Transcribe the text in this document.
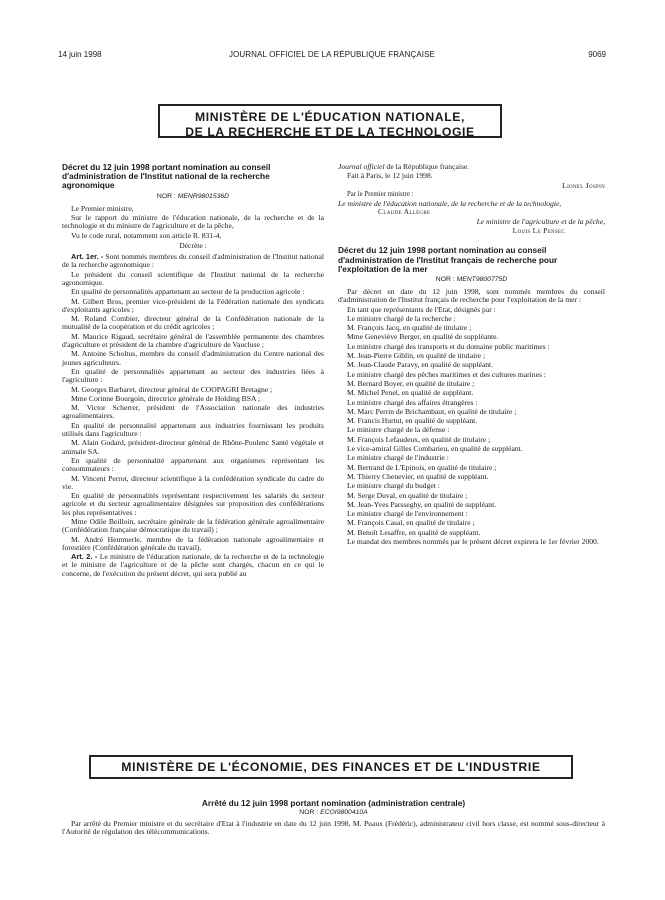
14 juin 1998	JOURNAL OFFICIEL DE LA RÉPUBLIQUE FRANÇAISE	9069
MINISTÈRE DE L'ÉDUCATION NATIONALE,
DE LA RECHERCHE ET DE LA TECHNOLOGIE
Décret du 12 juin 1998 portant nomination au conseil d'administration de l'Institut national de la recherche agronomique
NOR : MENR9801536D
Le Premier ministre,
Sur le rapport du ministre de l'éducation nationale, de la recherche et de la technologie et du ministre de l'agriculture et de la pêche,
Vu le code rural, notamment son article R. 831-4,
Décrète :
Art. 1er. - Sont nommés membres du conseil d'administration de l'Institut national de la recherche agronomique :
Le président du conseil scientifique de l'Institut national de la recherche agronomique.
En qualité de personnalités appartenant au secteur de la production agricole :
M. Gilbert Bros, premier vice-président de la Fédération nationale des syndicats d'exploitants agricoles ;
M. Roland Combier, directeur général de la Confédération nationale de la mutualité de la coopération et du crédit agricoles ;
M. Maurice Rigaud, secrétaire général de l'assemblée permanente des chambres d'agriculture et président de la chambre d'agriculture de Vaucluse ;
M. Antoine Scholtus, membre du conseil d'administration du Centre national des jeunes agriculteurs.
En qualité de personnalités appartenant au secteur des industries liées à l'agriculture :
M. Georges Barbaret, directeur général de COOPAGRI Bretagne ;
Mme Corinne Bourgoin, directrice générale de Holding BSA ;
M. Victor Scherrer, président de l'Association nationale des industries agroalimentaires.
En qualité de personnalité appartenant aux industries fournissant les produits utilisés dans l'agriculture :
M. Alain Godard, président-directeur général de Rhône-Poulenc Santé végétale et animale SA.
En qualité de personnalité appartenant aux organismes représentant les consommateurs :
M. Vincent Perrot, directeur scientifique à la confédération syndicale du cadre de vie.
En qualité de personnalités représentant respectivement les salariés du secteur agricole et du secteur agroalimentaire désignées sur proposition des confédérations les plus représentatives :
Mme Odile Beilloin, secrétaire générale de la fédération générale agroalimentaire (Confédération française démocratique du travail) ;
M. André Hemmerle, membre de la fédération nationale agroalimentaire et forestière (Confédération générale du travail).
Art. 2. - Le ministre de l'éducation nationale, de la recherche et de la technologie et le ministre de l'agriculture et de la pêche sont chargés, chacun en ce qui le concerne, de l'exécution du présent décret, qui sera publié au
Journal officiel de la République française.
Fait à Paris, le 12 juin 1998.
Lionel Jospin
Par le Premier ministre :
Le ministre de l'éducation nationale, de la recherche et de la technologie,
Claude Allègre
Le ministre de l'agriculture et de la pêche,
Louis Le Pensec
Décret du 12 juin 1998 portant nomination au conseil d'administration de l'Institut français de recherche pour l'exploitation de la mer
NOR : MENT9800775D
Par décret en date du 12 juin 1998, sont nommés membres du conseil d'administration de l'Institut français de recherche pour l'exploitation de la mer :
En tant que représentants de l'Etat, désignés par :
Le ministre chargé de la recherche :
M. François Jacq, en qualité de titulaire ;
Mme Geneviève Berger, en qualité de suppléante.
Le ministre chargé des transports et du domaine public maritimes :
M. Jean-Pierre Giblin, en qualité de titulaire ;
M. Jean-Claude Paravy, en qualité de suppléant.
Le ministre chargé des pêches maritimes et des cultures marines :
M. Bernard Boyer, en qualité de titulaire ;
M. Michel Penel, en qualité de suppléant.
Le ministre chargé des affaires étrangères :
M. Marc Perrin de Brichambaut, en qualité de titulaire ;
M. Francis Hurtut, en qualité de suppléant.
Le ministre chargé de la défense :
M. François Lefaudeux, en qualité de titulaire ;
Le vice-amiral Gilles Combarieu, en qualité de suppléant.
Le ministre chargé de l'industrie :
M. Bertrand de L'Epinois, en qualité de titulaire ;
M. Thierry Chenevier, en qualité de suppléant.
Le ministre chargé du budget :
M. Serge Duval, en qualité de titulaire ;
M. Jean-Yves Parsseghy, en qualité de suppléant.
Le ministre chargé de l'environnement :
M. François Casal, en qualité de titulaire ;
M. Benoît Lesaffre, en qualité de suppléant.
Le mandat des membres nommés par le présent décret expirera le 1er février 2000.
MINISTÈRE DE L'ÉCONOMIE, DES FINANCES ET DE L'INDUSTRIE
Arrêté du 12 juin 1998 portant nomination (administration centrale)
NOR : ECOI9800410A
Par arrêté du Premier ministre et du secrétaire d'Etat à l'industrie en date du 12 juin 1998, M. Puaux (Frédéric), administrateur civil hors classe, est nommé sous-directeur à l'Autorité de régulation des télécommunications.
